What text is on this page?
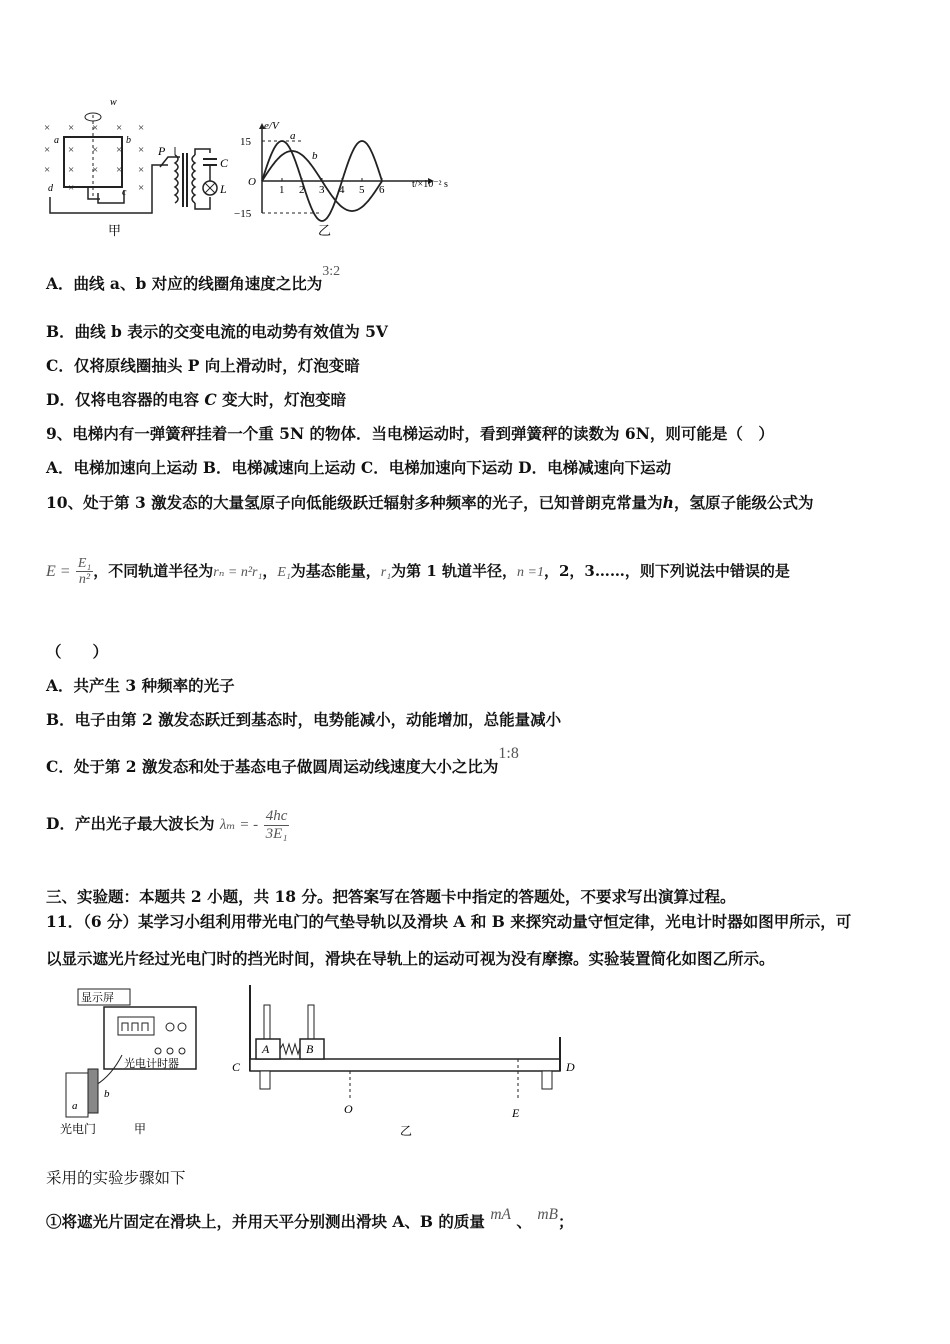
× × × × ×
× × × × ×
× × × × ×
×	×
w
a	b
c
d
P
C
L
甲
e/V
15
−15
O	t/×10⁻² s
1 2 3 4 5 6
a
b
乙
A．曲线 a、b 对应的线圈角速度之比为3:2
B．曲线 b 表示的交变电流的电动势有效值为 5V
C．仅将原线圈抽头 P 向上滑动时，灯泡变暗
D．仅将电容器的电容 C 变大时，灯泡变暗
9、电梯内有一弹簧秤挂着一个重 5N 的物体．当电梯运动时，看到弹簧秤的读数为 6N，则可能是（　）
A．电梯加速向上运动 B．电梯减速向上运动 C．电梯加速向下运动 D．电梯减速向下运动
10、处于第 3 激发态的大量氢原子向低能级跃迁辐射多种频率的光子，已知普朗克常量为h，氢原子能级公式为
$E = \frac{\text{E₁}}{\text{n²}}$ ，不同轨道半径为rₙ = n²r₁，E₁为基态能量，r₁为第 1 轨道半径，n =1，2，3……，则下列说法中错误的是
（　　）
A．共产生 3 种频率的光子
B．电子由第 2 激发态跃迁到基态时，电势能减小，动能增加，总能量减小
C．处于第 2 激发态和处于基态电子做圆周运动线速度大小之比为1:8
D．产出光子最大波长为 λₘ = - $\frac{4hc}{\text{3E₁}}$
三、实验题：本题共 2 小题，共 18 分。把答案写在答题卡中指定的答题处，不要求写出演算过程。
11．（6 分）某学习小组利用带光电门的气垫导轨以及滑块 A 和 B 来探究动量守恒定律，光电计时器如图甲所示，可
以显示遮光片经过光电门时的挡光时间，滑块在导轨上的运动可视为没有摩擦。实验装置简化如图乙所示。
显示屏
光电计时器
a
b
光电门	甲
A	B
C	D
O	E
乙
采用的实验步骤如下
①将遮光片固定在滑块上，并用天平分别测出滑块 A、B 的质量 mA 、 mB；
